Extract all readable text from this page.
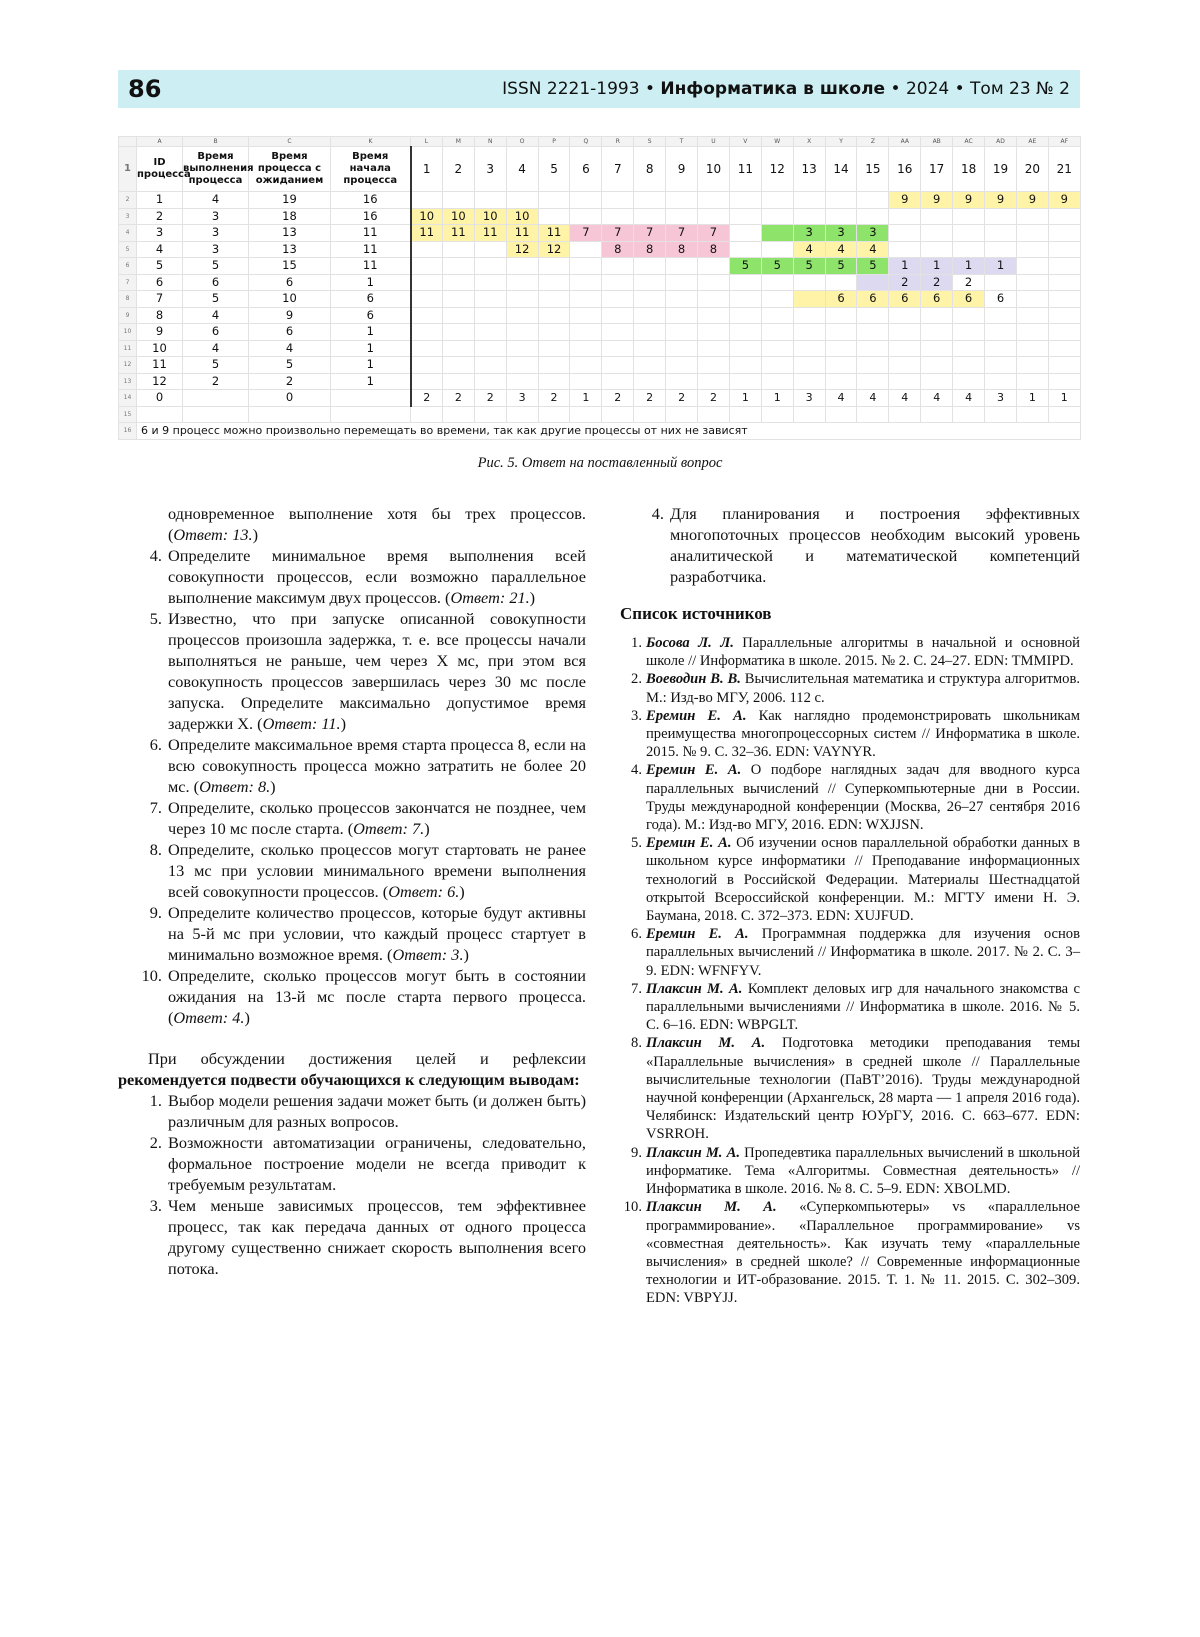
86	ISSN 2221-1993 • Информатика в школе • 2024 • Том 23 № 2
	A	B	C	K	L	M	N	O	P	Q	R	S	T	U	V	W	X	Y	Z	AA	AB	AC	AD	AE	AF
1	ID процесса	Время выполнения процесса	Время процесса с ожиданием	Время начала процесса	1	2	3	4	5	6	7	8	9	10	11	12	13	14	15	16	17	18	19	20	21
2	1	4	19	16																9	9	9	9	9	9
3	2	3	18	16	10	10	10	10																	
4	3	3	13	11	11	11	11	11	11	7	7	7	7	7			3	3	3						
5	4	3	13	11				12	12		8	8	8	8			4	4	4						
6	5	5	15	11											5	5	5	5	5	1	1	1	1		
7	6	6	6	1																2	2	2			
8	7	5	10	6														6	6	6	6	6	6		
9	8	4	9	6																					
10	9	6	6	1																					
11	10	4	4	1																					
12	11	5	5	1																					
13	12	2	2	1																					
14	0		0		2	2	2	3	2	1	2	2	2	2	1	1	3	4	4	4	4	4	3	1	1
15																									
16	6 и 9 процесс можно произвольно перемещать во времени, так как другие процессы от них не зависят																								
Рис. 5. Ответ на поставленный вопрос
одновременное выполнение хотя бы трех процессов. (Ответ: 13.)
4. Определите минимальное время выполнения всей совокупности процессов, если возможно параллельное выполнение максимум двух процессов. (Ответ: 21.)
5. Известно, что при запуске описанной совокупности процессов произошла задержка, т. е. все процессы начали выполняться не раньше, чем через X мс, при этом вся совокупность процессов завершилась через 30 мс после запуска. Определите максимально допустимое время задержки X. (Ответ: 11.)
6. Определите максимальное время старта процесса 8, если на всю совокупность процесса можно затратить не более 20 мс. (Ответ: 8.)
7. Определите, сколько процессов закончатся не позднее, чем через 10 мс после старта. (Ответ: 7.)
8. Определите, сколько процессов могут стартовать не ранее 13 мс при условии минимального времени выполнения всей совокупности процессов. (Ответ: 6.)
9. Определите количество процессов, которые будут активны на 5-й мс при условии, что каждый процесс стартует в минимально возможное время. (Ответ: 3.)
10. Определите, сколько процессов могут быть в состоянии ожидания на 13-й мс после старта первого процесса. (Ответ: 4.)
При обсуждении достижения целей и рефлексии рекомендуется подвести обучающихся к следующим выводам:
1. Выбор модели решения задачи может быть (и должен быть) различным для разных вопросов.
2. Возможности автоматизации ограничены, следовательно, формальное построение модели не всегда приводит к требуемым результатам.
3. Чем меньше зависимых процессов, тем эффективнее процесс, так как передача данных от одного процесса другому существенно снижает скорость выполнения всего потока.
4. Для планирования и построения эффективных многопоточных процессов необходим высокий уровень аналитической и математической компетенций разработчика.
Список источников
1. Босова Л. Л. Параллельные алгоритмы в начальной и основной школе // Информатика в школе. 2015. № 2. С. 24–27. EDN: TMMIPD.
2. Воеводин В. В. Вычислительная математика и структура алгоритмов. М.: Изд-во МГУ, 2006. 112 с.
3. Еремин Е. А. Как наглядно продемонстрировать школьникам преимущества многопроцессорных систем // Информатика в школе. 2015. № 9. С. 32–36. EDN: VAYNYR.
4. Еремин Е. А. О подборе наглядных задач для вводного курса параллельных вычислений // Суперкомпьютерные дни в России. Труды международной конференции (Москва, 26–27 сентября 2016 года). М.: Изд-во МГУ, 2016. EDN: WXJJSN.
5. Еремин Е. А. Об изучении основ параллельной обработки данных в школьном курсе информатики // Преподавание информационных технологий в Российской Федерации. Материалы Шестнадцатой открытой Всероссийской конференции. М.: МГТУ имени Н. Э. Баумана, 2018. С. 372–373. EDN: XUJFUD.
6. Еремин Е. А. Программная поддержка для изучения основ параллельных вычислений // Информатика в школе. 2017. № 2. С. 3–9. EDN: WFNFYV.
7. Плаксин М. А. Комплект деловых игр для начального знакомства с параллельными вычислениями // Информатика в школе. 2016. № 5. С. 6–16. EDN: WBPGLT.
8. Плаксин М. А. Подготовка методики преподавания темы «Параллельные вычисления» в средней школе // Параллельные вычислительные технологии (ПаВТ’2016). Труды международной научной конференции (Архангельск, 28 марта — 1 апреля 2016 года). Челябинск: Издательский центр ЮУрГУ, 2016. С. 663–677. EDN: VSRROH.
9. Плаксин М. А. Пропедевтика параллельных вычислений в школьной информатике. Тема «Алгоритмы. Совместная деятельность» // Информатика в школе. 2016. № 8. С. 5–9. EDN: XBOLMD.
10. Плаксин М. А. «Суперкомпьютеры» vs «параллельное программирование». «Параллельное программирование» vs «совместная деятельность». Как изучать тему «параллельные вычисления» в средней школе? // Современные информационные технологии и ИТ-образование. 2015. Т. 1. № 11. 2015. С. 302–309. EDN: VBPYJJ.
